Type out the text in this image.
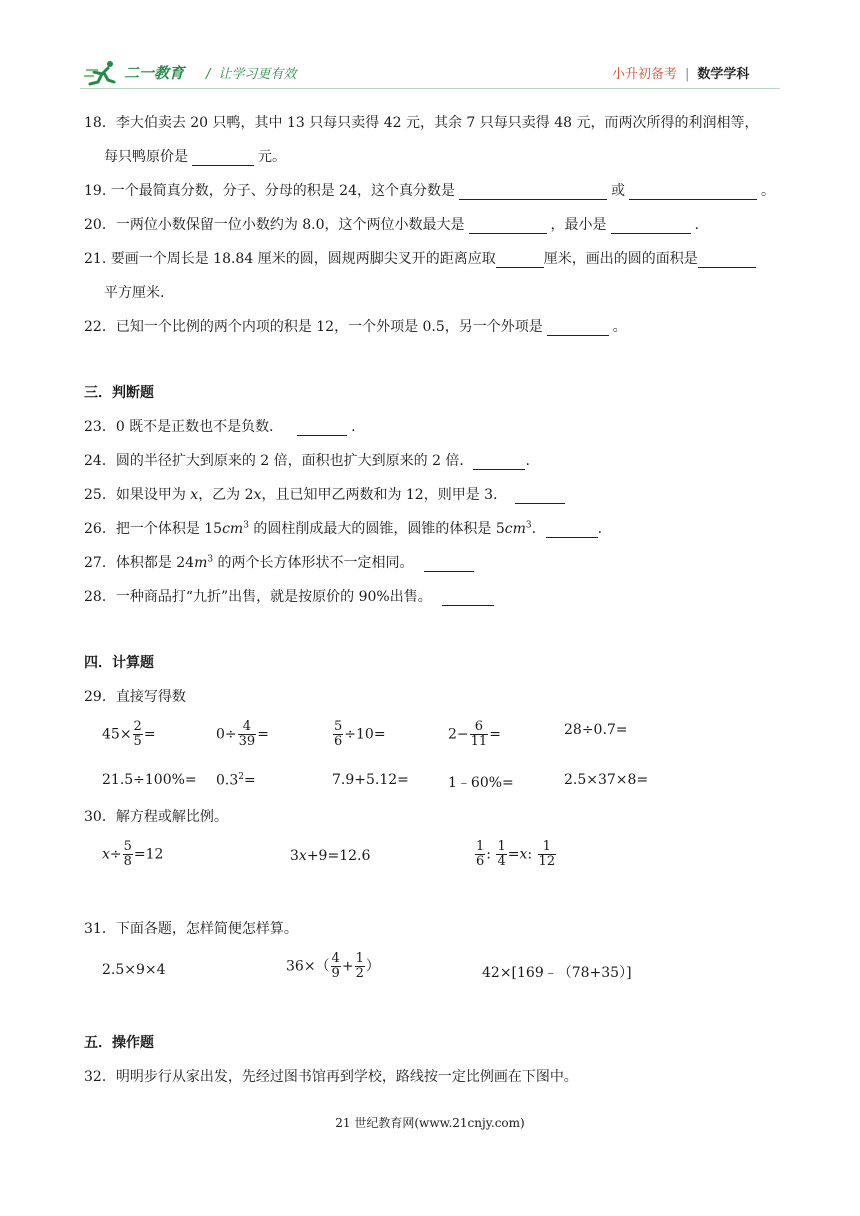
二一教育 / 让学习更有效	小升初备考 | 数学学科
18．李大伯卖去 20 只鸭，其中 13 只每只卖得 42 元，其余 7 只每只卖得 48 元，而两次所得的利润相等，
每只鸭原价是	元。
19. 一个最简真分数，分子、分母的积是 24，这个真分数是	或	。
20．一两位小数保留一位小数约为 8.0，这个两位小数最大是	，最小是	.
21. 要画一个周长是 18.84 厘米的圆，圆规两脚尖叉开的距离应取	厘米，画出的圆的面积是
平方厘米.
22．已知一个比例的两个内项的积是 12，一个外项是 0.5，另一个外项是	。
三．判断题
23．0 既不是正数也不是负数．	.
24．圆的半径扩大到原来的 2 倍，面积也扩大到原来的 2 倍．	.
25．如果设甲为 x，乙为 2x，且已知甲乙两数和为 12，则甲是 3．
26．把一个体积是 $15cm^3$ 的圆柱削成最大的圆锥，圆锥的体积是 $5cm^3$．	.
27．体积都是 $24m^3$ 的两个长方体形状不一定相同。
28．一种商品打“九折”出售，就是按原价的 90%出售。
四．计算题
29．直接写得数
$45\times \frac{2}{5}$ =	$0\div \frac{4}{39}$ =	$\frac{5}{6} \div 10=$	$2- \frac{6}{11}$ =	28÷0.7=
$21.5\div 100\%= 0.3^2=$	7.9+5.12=	1﹣60%=	2.5×37×8=
30．解方程或解比例。
$x\div \frac{5}{8} =12$	3x+9=12.6	$\frac{1}{6}$ : $\frac{1}{4} =x$: $\frac{1}{12}$
31．下面各题，怎样简便怎样算。
2.5×9×4	$36\times( \frac{4}{9} + \frac{1}{2}$ ）	42×[169﹣（78+35）]
五．操作题
32．明明步行从家出发，先经过图书馆再到学校，路线按一定比例画在下图中。
21 世纪教育网(www.21cnjy.com)
